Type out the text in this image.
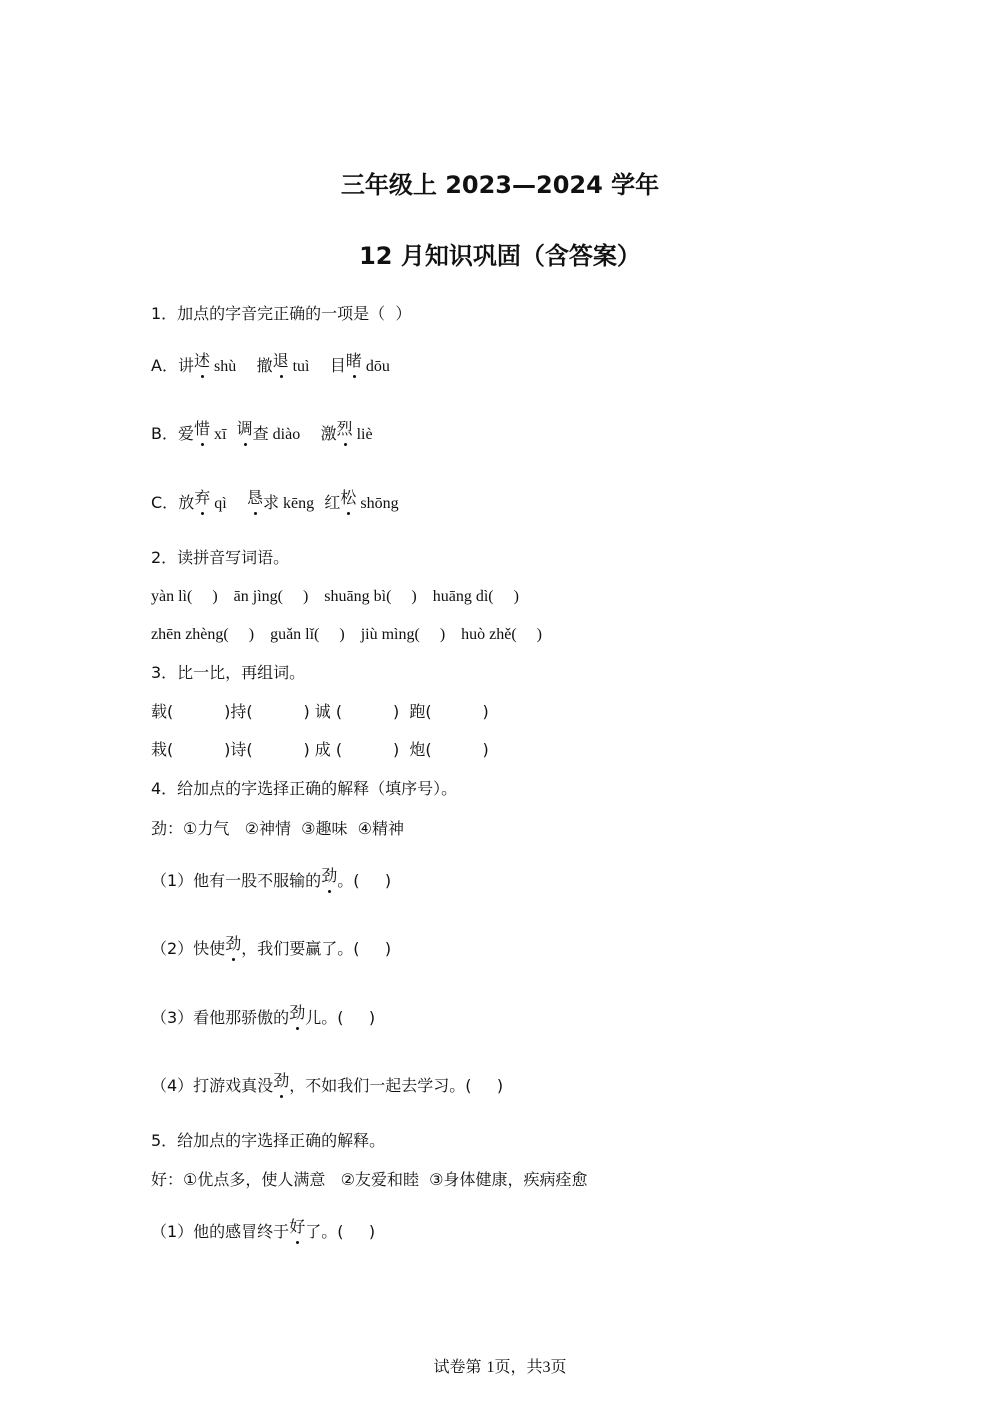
三年级上 2023—2024 学年
12 月知识巩固（含答案）
1．加点的字音完正确的一项是（  ）
A．讲述 shù 撤退 tuì 目睹 dōu
B．爱惜 xī 调查 diào 激烈 liè
C．放弃 qì 恳求 kēng 红松 shōng
2．读拼音写词语。
yàn lì(     )    ān jìng(     )    shuāng bì(     )    huāng dì(     )
zhēn zhèng(     )    guǎn lǐ(     )    jiù mìng(     )    huò zhě(     )
3．比一比，再组词。
载(          )持(          ) 诚 (          )  跑(          )
栽(          )诗(          ) 成 (          )  炮(          )
4．给加点的字选择正确的解释（填序号）。
劲：①力气   ②神情  ③趣味  ④精神
（1）他有一股不服输的劲。(     )
（2）快使劲，我们要赢了。(     )
（3）看他那骄傲的劲儿。(     )
（4）打游戏真没劲，不如我们一起去学习。(     )
5．给加点的字选择正确的解释。
好：①优点多，使人满意   ②友爱和睦  ③身体健康，疾病痊愈
（1）他的感冒终于好了。(     )
试卷第 1页，共3页
